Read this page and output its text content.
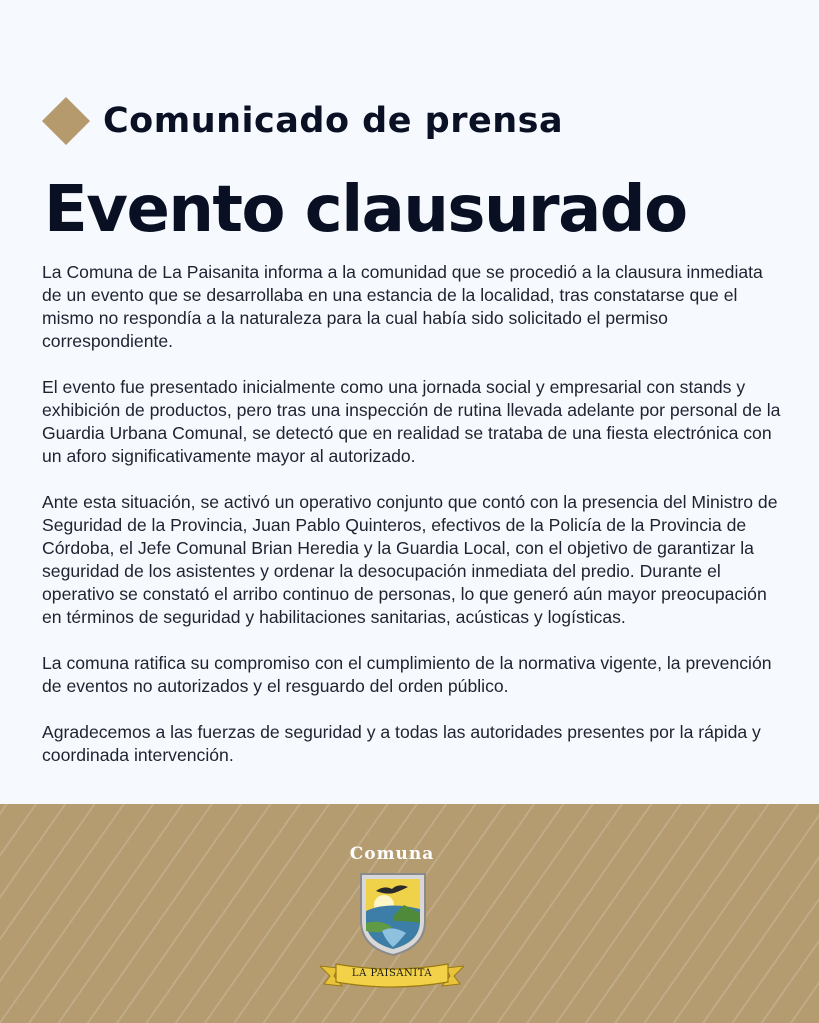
Comunicado de prensa
Evento clausurado

La Comuna de La Paisanita informa a la comunidad que se procedió a la clausura inmediata de un evento que se desarrollaba en una estancia de la localidad, tras constatarse que el mismo no respondía a la naturaleza para la cual había sido solicitado el permiso correspondiente.

El evento fue presentado inicialmente como una jornada social y empresarial con stands y exhibición de productos, pero tras una inspección de rutina llevada adelante por personal de la Guardia Urbana Comunal, se detectó que en realidad se trataba de una fiesta electrónica con un aforo significativamente mayor al autorizado.

Ante esta situación, se activó un operativo conjunto que contó con la presencia del Ministro de Seguridad de la Provincia, Juan Pablo Quinteros, efectivos de la Policía de la Provincia de Córdoba, el Jefe Comunal Brian Heredia y la Guardia Local, con el objetivo de garantizar la seguridad de los asistentes y ordenar la desocupación inmediata del predio. Durante el operativo se constató el arribo continuo de personas, lo que generó aún mayor preocupación en términos de seguridad y habilitaciones sanitarias, acústicas y logísticas.

La comuna ratifica su compromiso con el cumplimiento de la normativa vigente, la prevención de eventos no autorizados y el resguardo del orden público.

Agradecemos a las fuerzas de seguridad y a todas las autoridades presentes por la rápida y coordinada intervención.

Comuna
LA PAISANITA
